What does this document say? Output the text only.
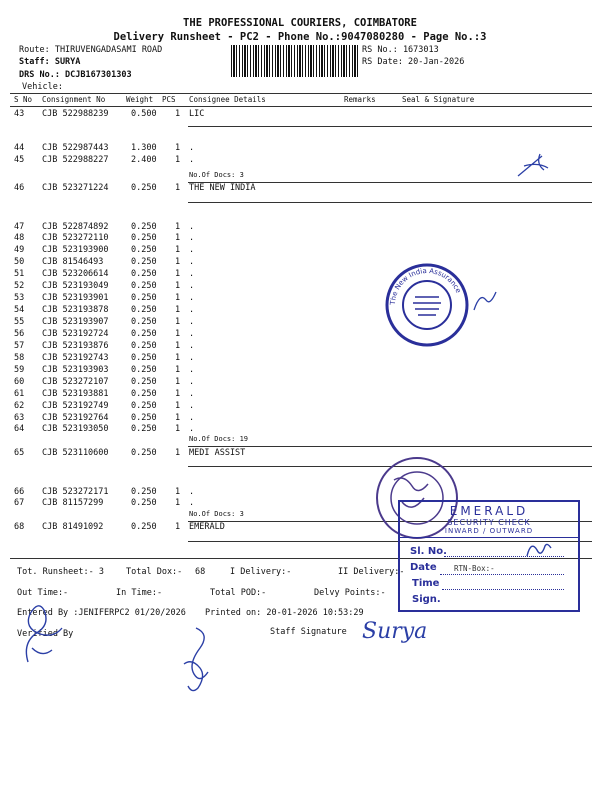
THE PROFESSIONAL COURIERS, COIMBATORE
Delivery Runsheet - PC2 - Phone No.:9047080280 - Page No.:3
Route: THIRUVENGADASAMI ROAD
Staff: SURYA
DRS No.: DCJB167301303
Vehicle:
RS No.: 1673013
RS Date: 20-Jan-2026
S No Consignment No	Weight PCS Consignee Details	Remarks	Seal & Signature
43 CJB 522988239	0.500 1 LIC
44 CJB 522987443	1.300 1 .
45 CJB 522988227	2.400 1 .
46 CJB 523271224	0.250 1 THE NEW INDIA
47 CJB 522874892	0.250 1 .
48 CJB 523272110	0.250 1 .
49 CJB 523193900	0.250 1 .
50 CJB 81546493	0.250 1 .
51 CJB 523206614	0.250 1 .
52 CJB 523193049	0.250 1 .
53 CJB 523193901	0.250 1 .
54 CJB 523193878	0.250 1 .
55 CJB 523193907	0.250 1 .
56 CJB 523192724	0.250 1 .
57 CJB 523193876	0.250 1 .
58 CJB 523192743	0.250 1 .
59 CJB 523193903	0.250 1 .
60 CJB 523272107	0.250 1 .
61 CJB 523193881	0.250 1 .
62 CJB 523192749	0.250 1 .
63 CJB 523192764	0.250 1 .
64 CJB 523193050	0.250 1 .
65 CJB 523110600	0.250 1 MEDI ASSIST
66 CJB 523272171	0.250 1 .
67 CJB 81157299	0.250 1 .
68 CJB 81491092	0.250 1 EMERALD
No.Of Docs: 3
No.Of Docs: 19
No.Of Docs: 3
Tot. Runsheet:- 3	Total Dox:- 68	I Delivery:-	II Delivery:-
Out Time:-	In Time:-	Total POD:-	Delvy Points:-
Entered By :JENIFERPC2 01/20/2026 Printed on: 20-01-2026 10:53:29
Verified By	Staff Signature
The New India Assurance
EMERALD
SECURITY CHECK
INWARD / OUTWARD
Sl. No.
Date RTN-Box:-
Time
Sign.
Surya
